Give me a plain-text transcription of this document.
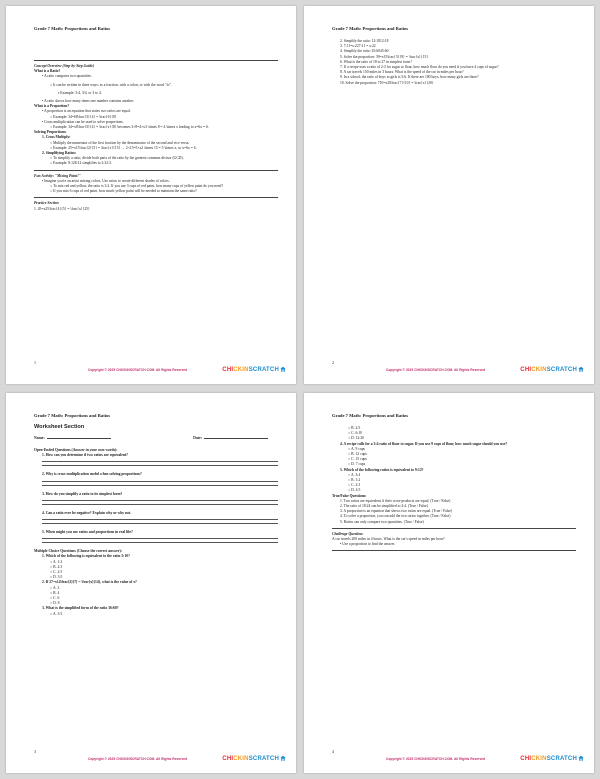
Grade 7 Math: Proportions and Ratios

Concept Overview (Step-by-Step Guide)

What is a Ratio?

• A ratio compares two quantities.

○ It can be written in three ways: as a fraction, with a colon, or with the word "to".

▪ Example: 3:4, 3/4, or 3 to 4.

• A ratio shows how many times one number contains another.

What is a Proportion?

• A proportion is an equation that states two ratios are equal.

○ Example: 34=68\frac{3}{4} = \frac{6}{8}

• Cross multiplication can be used to solve proportions.

○ Example: 34=x8\frac{3}{4} = \frac{x}{8} becomes 3×8=4×x3 \times 8 = 4 \times x leading to x=6x = 6.

Solving Proportions:

1. Cross Multiply:

○ Multiply the numerator of the first fraction by the denominator of the second and vice versa.

○ Example: 25=x15\frac{2}{5} = \frac{x}{15} → 2×15=5×x2 \times 15 = 5 \times x, so x=6x = 6.

2. Simplifying Ratios:

○ To simplify a ratio, divide both parts of the ratio by the greatest common divisor (GCD).

○ Example: 8:128:12 simplifies to 2:32:3.

Fun Activity: "Mixing Paint!"

• Imagine you're an artist mixing colors. Use ratios to create different shades of colors.

○ To mix red and yellow, the ratio is 3:2. If you use 3 cups of red paint, how many cups of yellow paint do you need?

○ If you mix 6 cups of red paint, how much yellow paint will be needed to maintain the same ratio?

Practice Section

1. 45=x25\frac{4}{5} = \frac{x}{25}

1
Copyright © 2025 CHICKINSCRATCH.COM. All Rights Reserved	CHICKINSCRATCH
Grade 7 Math: Proportions and Ratios

2. Simplify the ratio: 12:1812:18

3. 7:11=x:227:11 = x:22

4. Simplify the ratio: 45:6045:60

5. Solve the proportion: 39=x15\frac{3}{9} = \frac{x}{15}

6. What is the ratio of 18 to 27 in simplest form?

7. If a recipe uses a ratio of 2:3 for sugar to flour, how much flour do you need if you have 4 cups of sugar?

8. A car travels 150 miles in 3 hours. What is the speed of the car in miles per hour?

9. In a school, the ratio of boys to girls is 5:6. If there are 100 boys, how many girls are there?

10. Solve the proportion: 710=x20\frac{7}{10} = \frac{x}{20}

2
Copyright © 2025 CHICKINSCRATCH.COM. All Rights Reserved	CHICKINSCRATCH
Grade 7 Math: Proportions and Ratios
Worksheet Section
Name:	Date:

Open-Ended Questions (Answer in your own words):

1. How can you determine if two ratios are equivalent?

2. Why is cross-multiplication useful when solving proportions?

3. How do you simplify a ratio to its simplest form?

4. Can a ratio ever be negative? Explain why or why not.

5. When might you use ratios and proportions in real life?

Multiple Choice Questions (Choose the correct answer):

1. Which of the following is equivalent to the ratio 5:10?

○ A. 1:2

○ B. 2:3

○ C. 2:5

○ D. 3:5

2. If 27=x14\frac{2}{7} = \frac{x}{14}, what is the value of x?

○ A. 3

○ B. 4

○ C. 6

○ D. 8

3. What is the simplified form of the ratio 36:60?

○ A. 3:5

3
Copyright © 2025 CHICKINSCRATCH.COM. All Rights Reserved	CHICKINSCRATCH
Grade 7 Math: Proportions and Ratios

○ B. 2:5

○ C. 6:10

○ D. 12:20

4. A recipe calls for a 3:4 ratio of flour to sugar. If you use 9 cups of flour, how much sugar should you use?

○ A. 9 cups

○ B. 12 cups

○ C. 15 cups

○ D. 7 cups

5. Which of the following ratios is equivalent to 9:12?

○ A. 3:4

○ B. 1:2

○ C. 2:3

○ D. 4:5

True/False Questions:

1. Two ratios are equivalent if their cross-products are equal. (True / False)

2. The ratio of 18:24 can be simplified to 3:4. (True / False)

3. A proportion is an equation that shows two ratios are equal. (True / False)

4. To solve a proportion, you can add the two ratios together. (True / False)

5. Ratios can only compare two quantities. (True / False)

Challenge Question:

A car travels 200 miles in 4 hours. What is the car's speed in miles per hour?

• Use a proportion to find the answer.

4
Copyright © 2025 CHICKINSCRATCH.COM. All Rights Reserved	CHICKINSCRATCH
